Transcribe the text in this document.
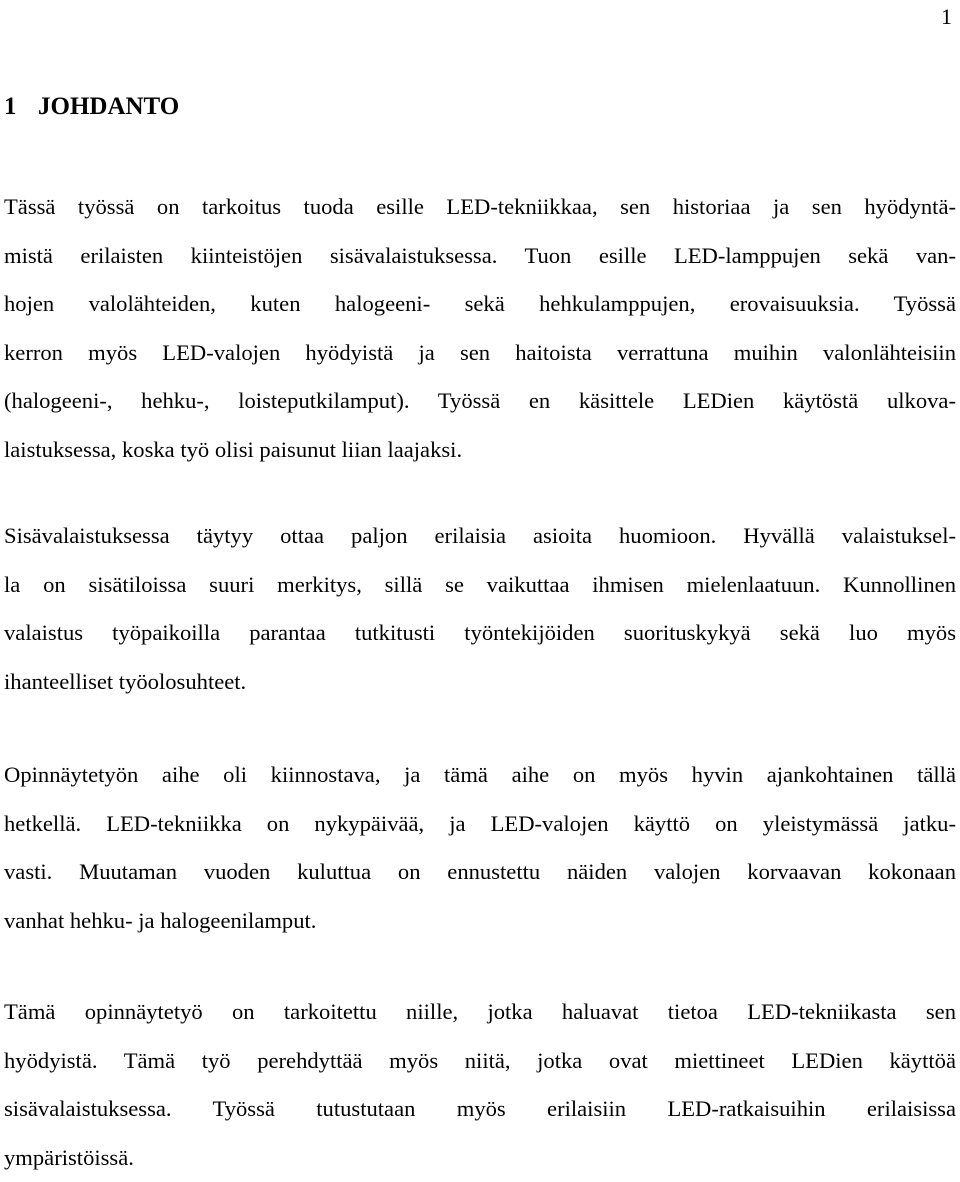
1
1 JOHDANTO

Tässä työssä on tarkoitus tuoda esille LED-tekniikkaa, sen historiaa ja sen hyödyntä-
mistä erilaisten kiinteistöjen sisävalaistuksessa. Tuon esille LED-lamppujen sekä van-
hojen valolähteiden, kuten halogeeni- sekä hehkulamppujen, erovaisuuksia. Työssä
kerron myös LED-valojen hyödyistä ja sen haitoista verrattuna muihin valonlähteisiin
(halogeeni-, hehku-, loisteputkilamput). Työssä en käsittele LEDien käytöstä ulkova-
laistuksessa, koska työ olisi paisunut liian laajaksi.

Sisävalaistuksessa täytyy ottaa paljon erilaisia asioita huomioon. Hyvällä valaistuksel-
la on sisätiloissa suuri merkitys, sillä se vaikuttaa ihmisen mielenlaatuun. Kunnollinen
valaistus työpaikoilla parantaa tutkitusti työntekijöiden suorituskykyä sekä luo myös
ihanteelliset työolosuhteet.

Opinnäytetyön aihe oli kiinnostava, ja tämä aihe on myös hyvin ajankohtainen tällä
hetkellä. LED-tekniikka on nykypäivää, ja LED-valojen käyttö on yleistymässä jatku-
vasti. Muutaman vuoden kuluttua on ennustettu näiden valojen korvaavan kokonaan
vanhat hehku- ja halogeenilamput.

Tämä opinnäytetyö on tarkoitettu niille, jotka haluavat tietoa LED-tekniikasta sen
hyödyistä. Tämä työ perehdyttää myös niitä, jotka ovat miettineet LEDien käyttöä
sisävalaistuksessa. Työssä tutustutaan myös erilaisiin LED-ratkaisuihin erilaisissa
ympäristöissä.
